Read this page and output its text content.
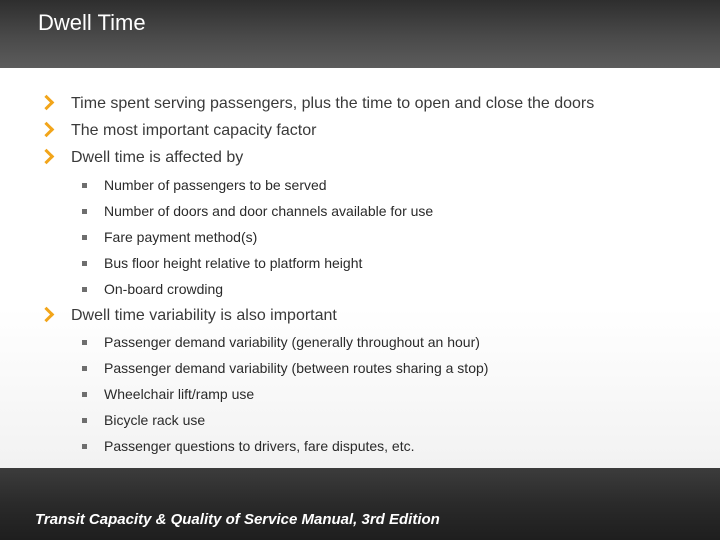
Dwell Time
Time spent serving passengers, plus the time to open and close the doors
The most important capacity factor
Dwell time is affected by
Number of passengers to be served
Number of doors and door channels available for use
Fare payment method(s)
Bus floor height relative to platform height
On-board crowding
Dwell time variability is also important
Passenger demand variability (generally throughout an hour)
Passenger demand variability (between routes sharing a stop)
Wheelchair lift/ramp use
Bicycle rack use
Passenger questions to drivers, fare disputes, etc.
Transit Capacity & Quality of Service Manual, 3rd Edition
